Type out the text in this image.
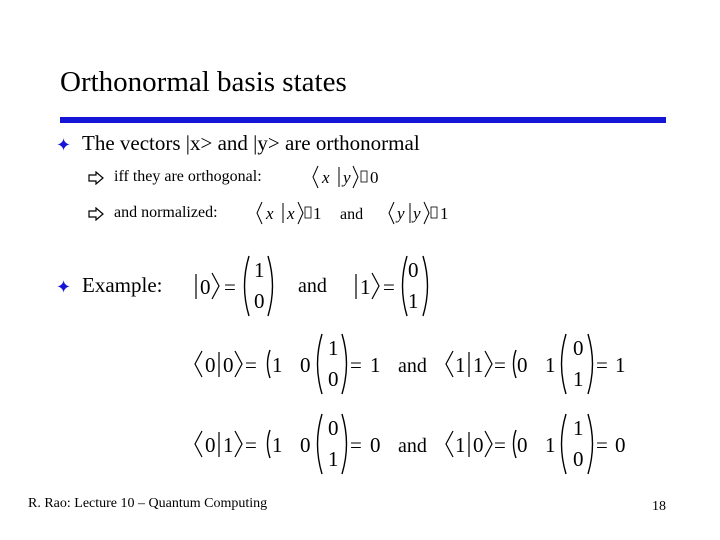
Orthonormal basis states
✦ The vectors |x> and |y> are orthonormal
iff they are orthogonal:	x y 0
and normalized:	x x 1 and y y 1
✦ Example: 0 =
1
0
and 1 =
0
1
0 0 = 1 0
1
0
= 1 and 1 1 = 0 1
0
1
= 1
0 1 = 1 0
0
1
= 0 and 1 0 = 0 1
1
0
= 0
R. Rao: Lecture 10 – Quantum Computing	18
